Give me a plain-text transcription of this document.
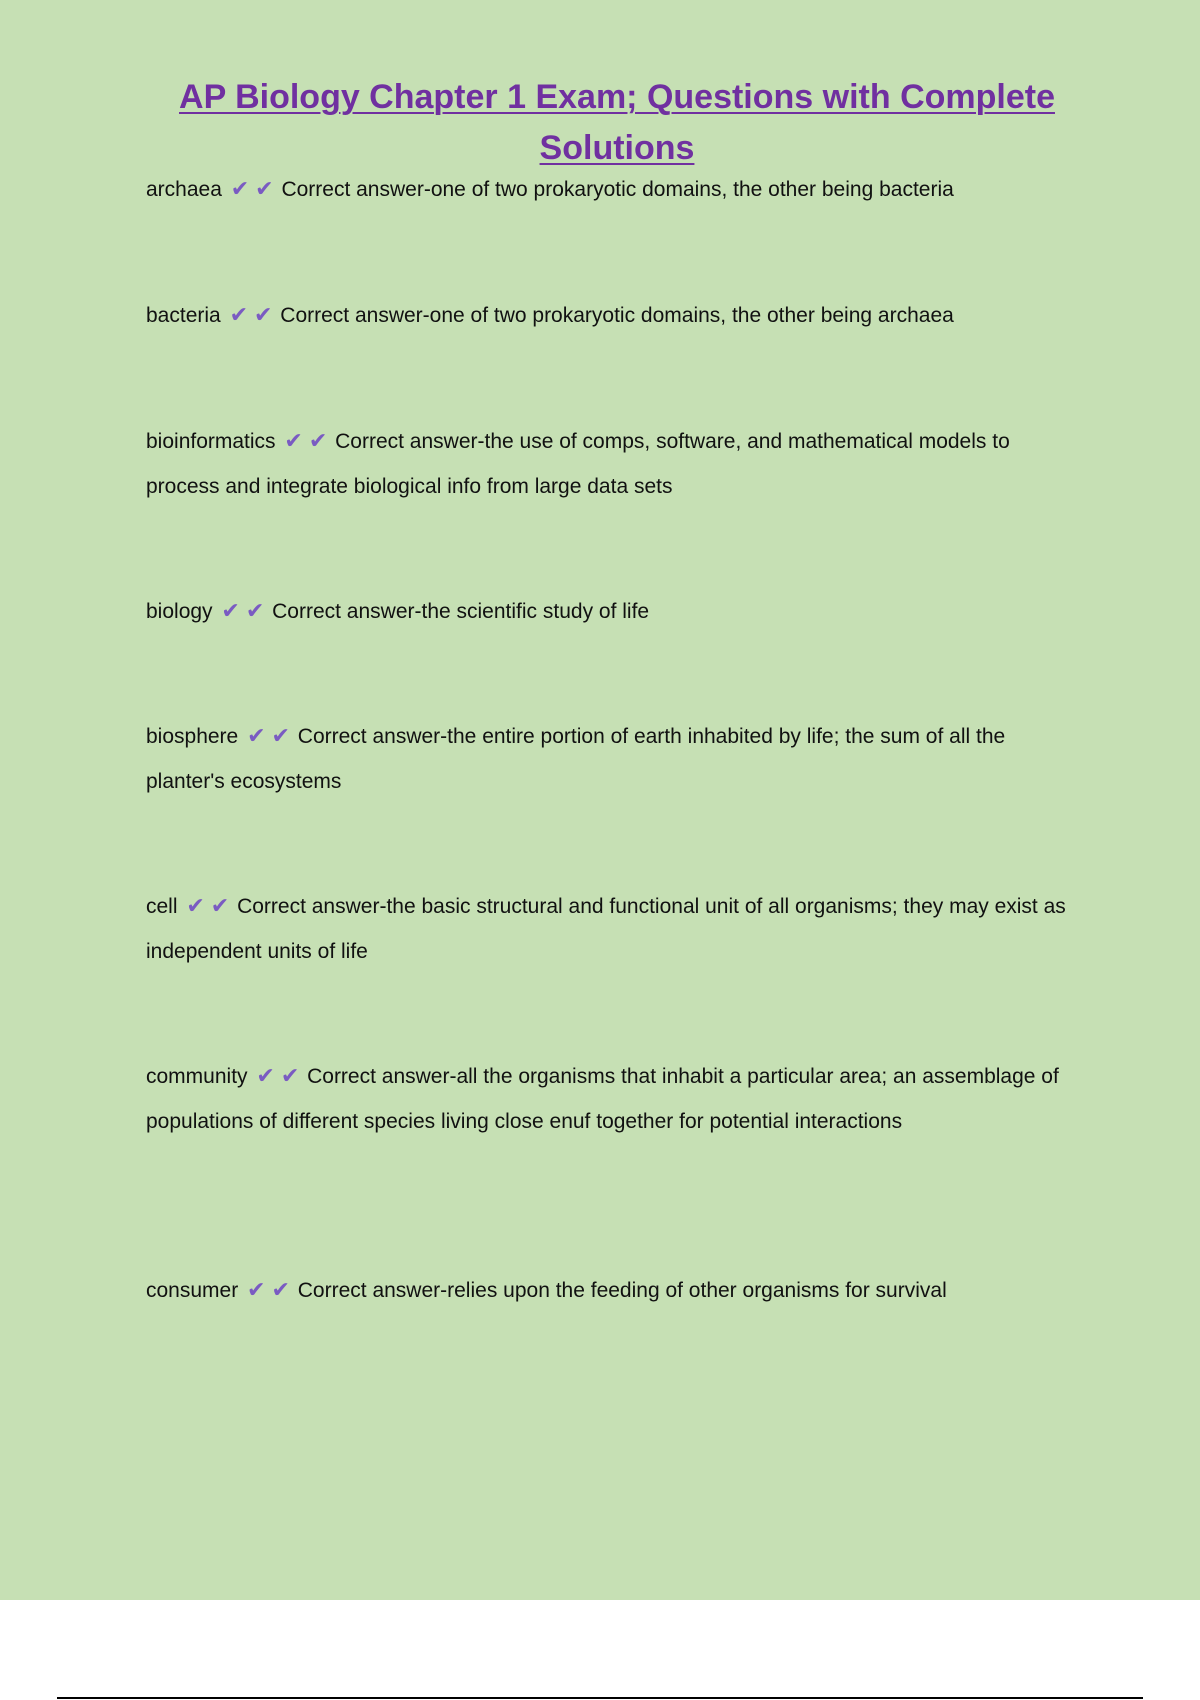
AP Biology Chapter 1 Exam; Questions with Complete Solutions
archaea ✔ ✔ Correct answer-one of two prokaryotic domains, the other being bacteria
bacteria ✔ ✔ Correct answer-one of two prokaryotic domains, the other being archaea
bioinformatics ✔ ✔ Correct answer-the use of comps, software, and mathematical models to process and integrate biological info from large data sets
biology ✔ ✔ Correct answer-the scientific study of life
biosphere ✔ ✔ Correct answer-the entire portion of earth inhabited by life; the sum of all the planter's ecosystems
cell ✔ ✔ Correct answer-the basic structural and functional unit of all organisms; they may exist as independent units of life
community ✔ ✔ Correct answer-all the organisms that inhabit a particular area; an assemblage of populations of different species living close enuf together for potential interactions
consumer ✔ ✔ Correct answer-relies upon the feeding of other organisms for survival
